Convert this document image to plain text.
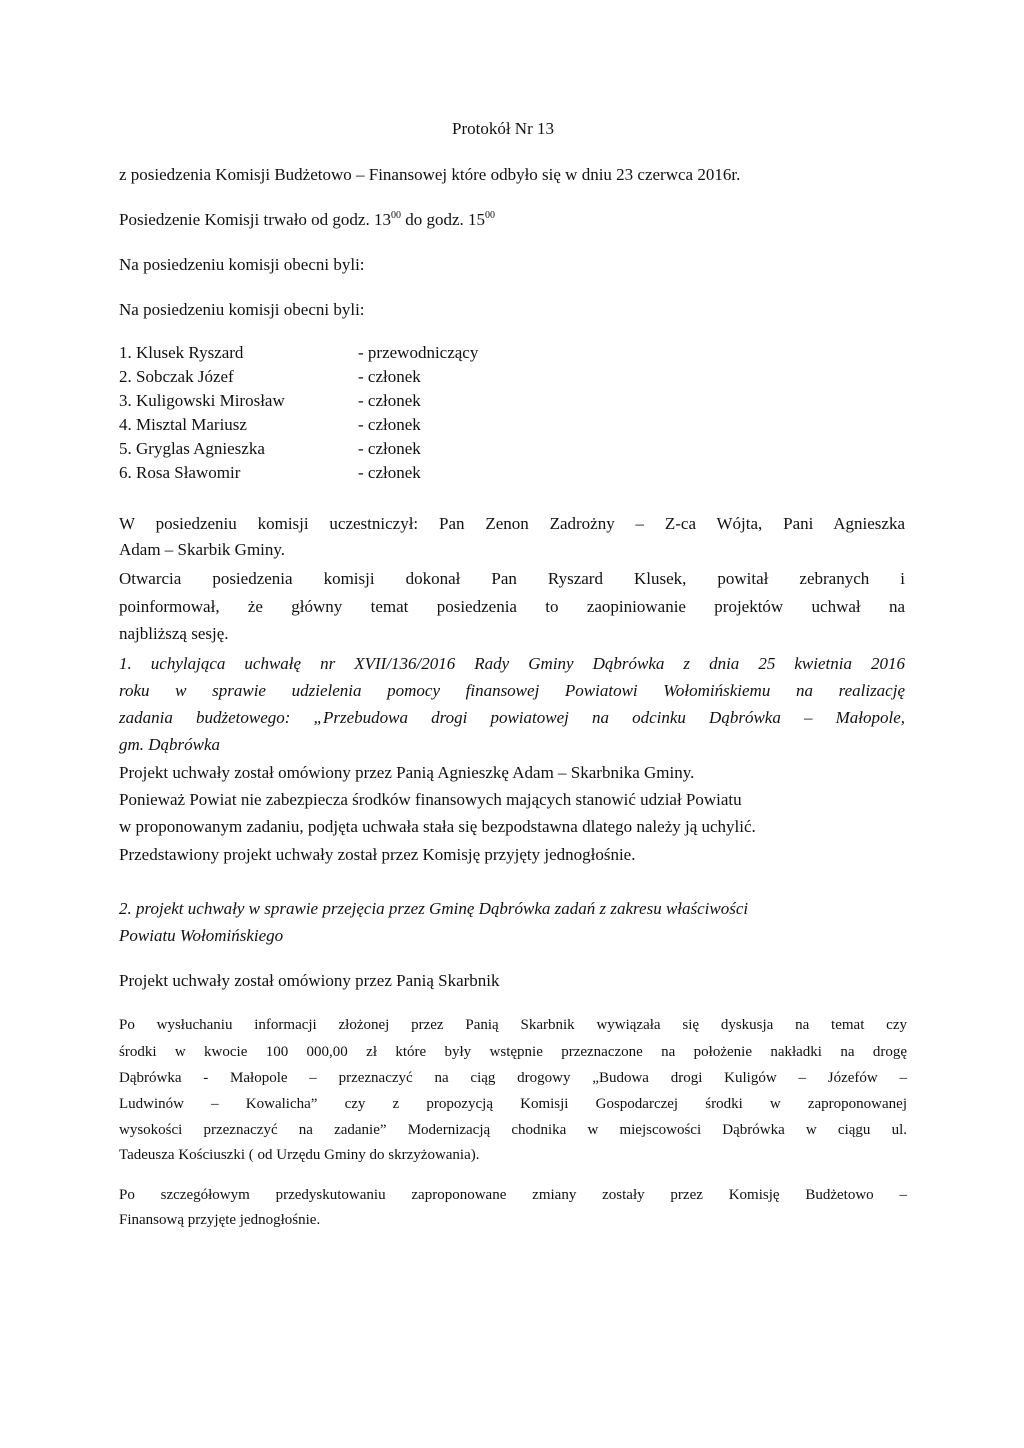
Protokół Nr 13
z posiedzenia Komisji Budżetowo – Finansowej które odbyło się w dniu 23 czerwca 2016r.
Posiedzenie Komisji trwało od godz. $13^{00}$ do godz. $15^{00}$
Na posiedzeniu komisji obecni byli:
Na posiedzeniu komisji obecni byli:
1. Klusek Ryszard	- przewodniczący
2. Sobczak Józef	- członek
3. Kuligowski Mirosław	- członek
4. Misztal Mariusz	- członek
5. Gryglas Agnieszka	- członek
6. Rosa Sławomir	- członek
W posiedzeniu komisji uczestniczył: Pan Zenon Zadrożny – Z-ca Wójta, Pani Agnieszka
Adam – Skarbik Gminy.
Otwarcia posiedzenia komisji dokonał Pan Ryszard Klusek, powitał zebranych i
poinformował, że główny temat posiedzenia to zaopiniowanie projektów uchwał na
najbliższą sesję.
1. uchylająca uchwałę nr XVII/136/2016 Rady Gminy Dąbrówka z dnia 25 kwietnia 2016
roku w sprawie udzielenia pomocy finansowej Powiatowi Wołomińskiemu na realizację
zadania budżetowego: „Przebudowa drogi powiatowej na odcinku Dąbrówka – Małopole,
gm. Dąbrówka
Projekt uchwały został omówiony przez Panią Agnieszkę Adam – Skarbnika Gminy.
Ponieważ Powiat nie zabezpiecza środków finansowych mających stanowić udział Powiatu
w proponowanym zadaniu, podjęta uchwała stała się bezpodstawna dlatego należy ją uchylić.
Przedstawiony projekt uchwały został przez Komisję przyjęty jednogłośnie.
2. projekt uchwały w sprawie przejęcia przez Gminę Dąbrówka zadań z zakresu właściwości
Powiatu Wołomińskiego
Projekt uchwały został omówiony przez Panią Skarbnik
Po wysłuchaniu informacji złożonej przez Panią Skarbnik wywiązała się dyskusja na temat czy
środki w kwocie 100 000,00 zł które były wstępnie przeznaczone na położenie nakładki na drogę
Dąbrówka - Małopole – przeznaczyć na ciąg drogowy „Budowa drogi Kuligów – Józefów –
Ludwinów – Kowalicha” czy z propozycją Komisji Gospodarczej środki w zaproponowanej
wysokości przeznaczyć na zadanie” Modernizacją chodnika w miejscowości Dąbrówka w ciągu ul.
Tadeusza Kościuszki ( od Urzędu Gminy do skrzyżowania).
Po szczegółowym przedyskutowaniu zaproponowane zmiany zostały przez Komisję Budżetowo –
Finansową przyjęte jednogłośnie.
